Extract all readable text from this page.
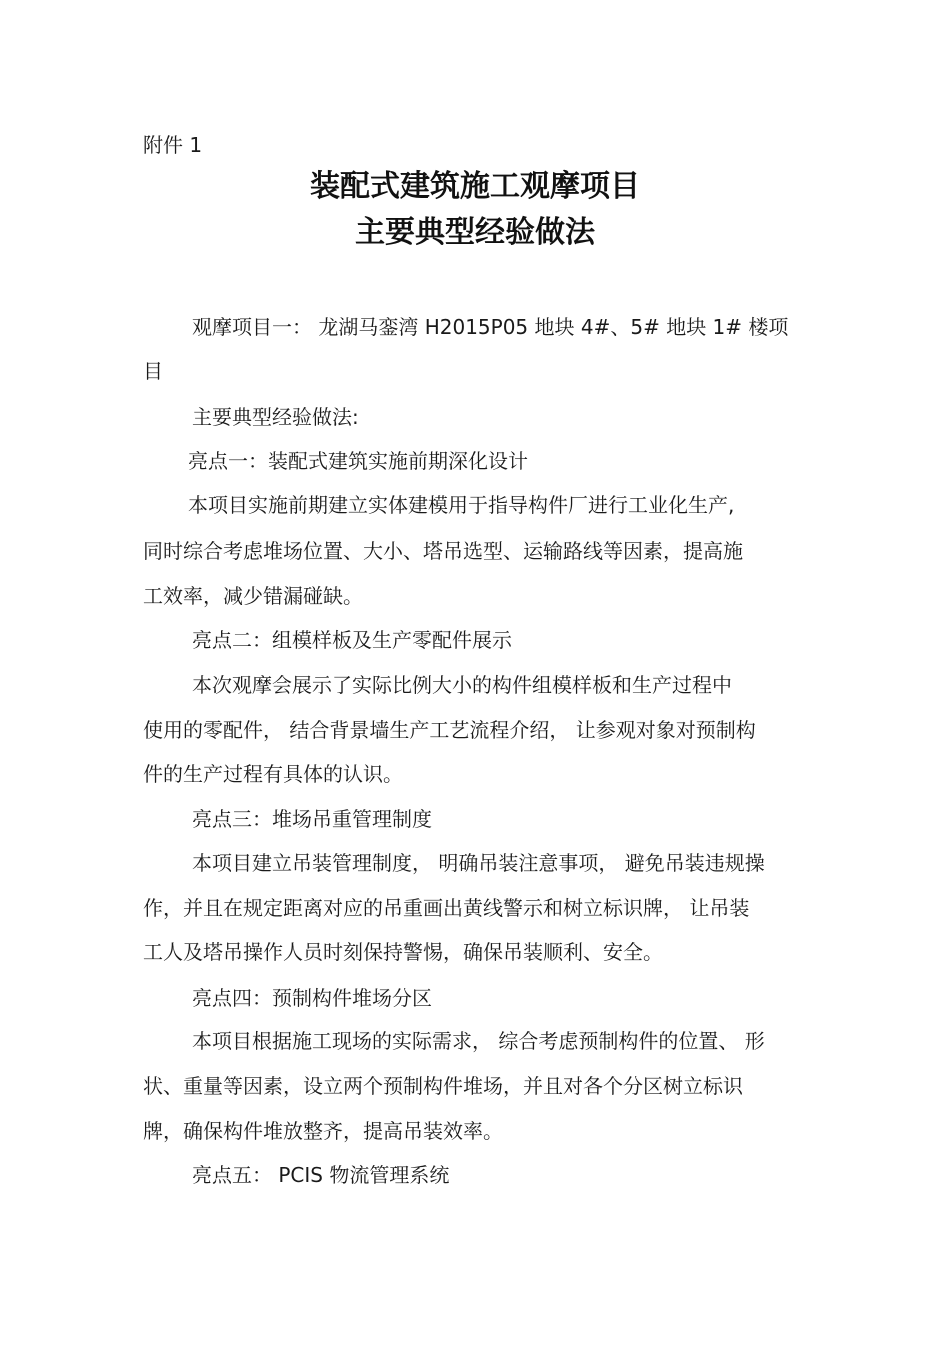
附件 1

装配式建筑施工观摩项目
主要典型经验做法

观摩项目一： 龙湖马銮湾 H2015P05 地块 4#、5# 地块 1# 楼项

目

主要典型经验做法:

亮点一：装配式建筑实施前期深化设计

本项目实施前期建立实体建模用于指导构件厂进行工业化生产,

同时综合考虑堆场位置、大小、塔吊选型、运输路线等因素，提高施

工效率，减少错漏碰缺。

亮点二：组模样板及生产零配件展示

本次观摩会展示了实际比例大小的构件组模样板和生产过程中

使用的零配件， 结合背景墙生产工艺流程介绍， 让参观对象对预制构

件的生产过程有具体的认识。

亮点三：堆场吊重管理制度

本项目建立吊装管理制度， 明确吊装注意事项， 避免吊装违规操

作，并且在规定距离对应的吊重画出黄线警示和树立标识牌， 让吊装

工人及塔吊操作人员时刻保持警惕，确保吊装顺利、安全。

亮点四：预制构件堆场分区

本项目根据施工现场的实际需求， 综合考虑预制构件的位置、 形

状、重量等因素，设立两个预制构件堆场，并且对各个分区树立标识

牌，确保构件堆放整齐，提高吊装效率。

亮点五： PCIS 物流管理系统
